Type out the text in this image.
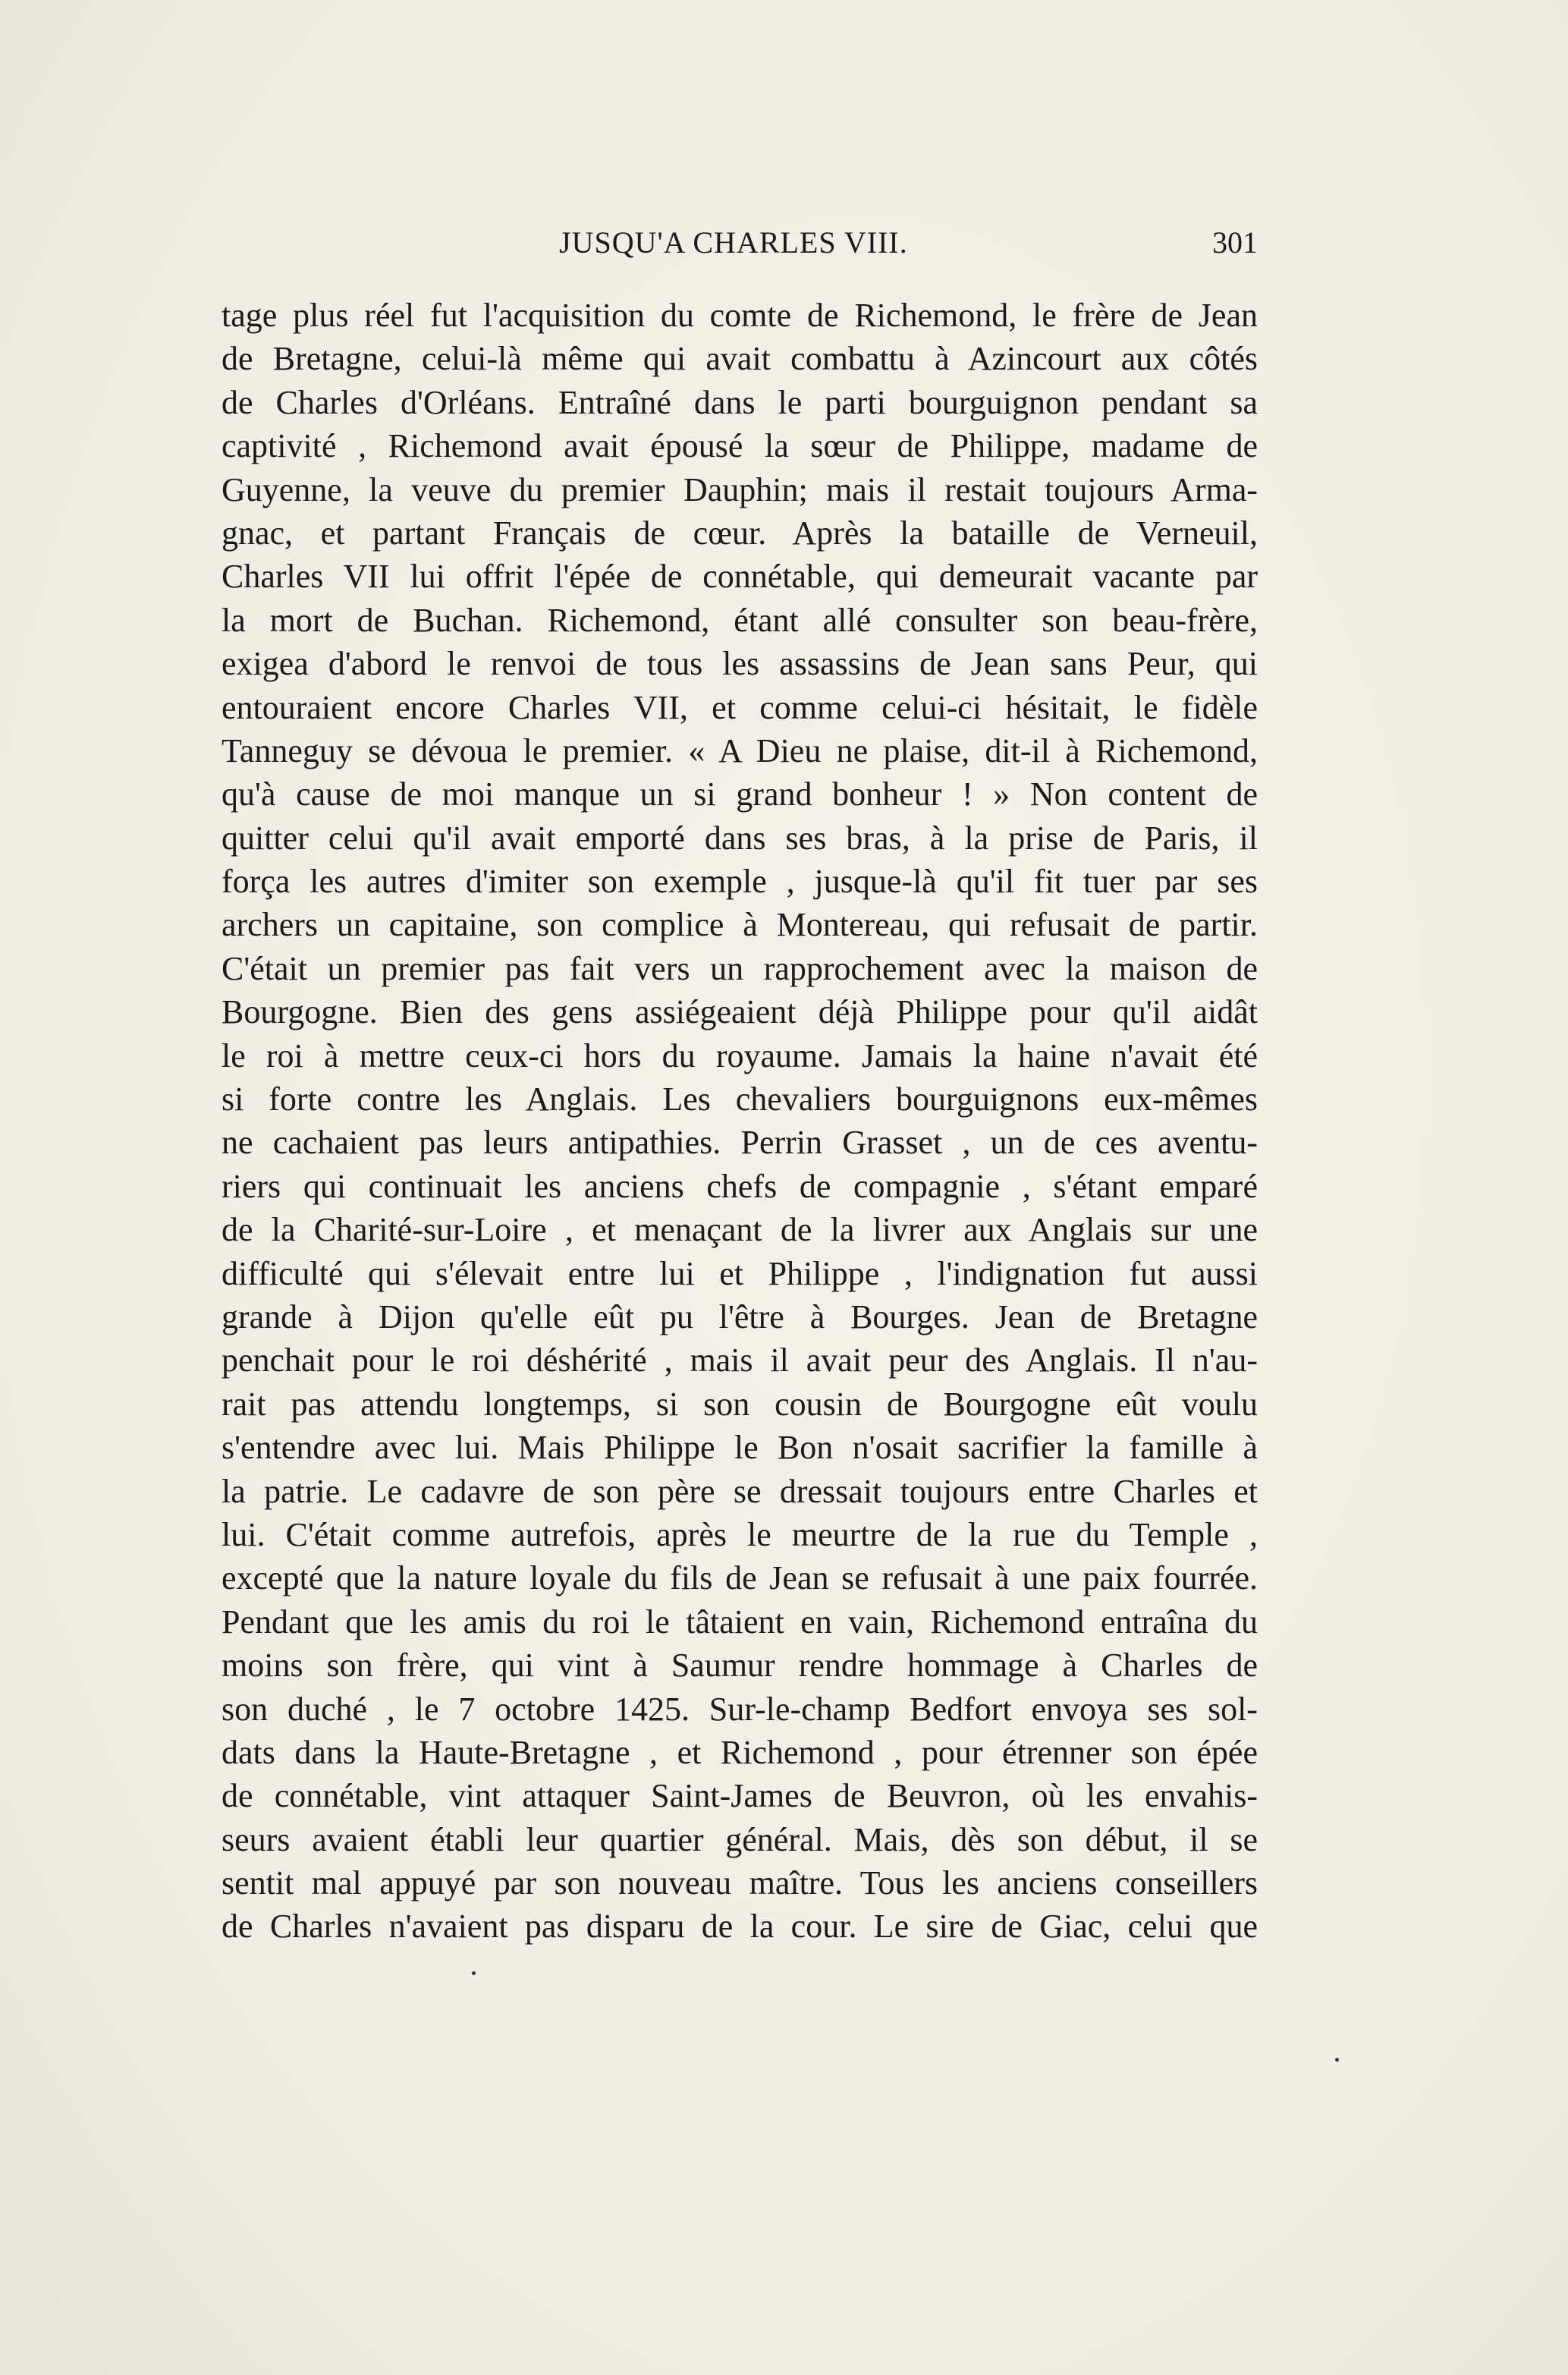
JUSQU'A CHARLES VIII.	301
tage plus réel fut l'acquisition du comte de Richemond, le frère de Jean
de Bretagne, celui-là même qui avait combattu à Azincourt aux côtés
de Charles d'Orléans. Entraîné dans le parti bourguignon pendant sa
captivité , Richemond avait épousé la sœur de Philippe, madame de
Guyenne, la veuve du premier Dauphin; mais il restait toujours Arma-
gnac, et partant Français de cœur. Après la bataille de Verneuil,
Charles VII lui offrit l'épée de connétable, qui demeurait vacante par
la mort de Buchan. Richemond, étant allé consulter son beau-frère,
exigea d'abord le renvoi de tous les assassins de Jean sans Peur, qui
entouraient encore Charles VII, et comme celui-ci hésitait, le fidèle
Tanneguy se dévoua le premier. « A Dieu ne plaise, dit-il à Richemond,
qu'à cause de moi manque un si grand bonheur ! » Non content de
quitter celui qu'il avait emporté dans ses bras, à la prise de Paris, il
força les autres d'imiter son exemple , jusque-là qu'il fit tuer par ses
archers un capitaine, son complice à Montereau, qui refusait de partir.
C'était un premier pas fait vers un rapprochement avec la maison de
Bourgogne. Bien des gens assiégeaient déjà Philippe pour qu'il aidât
le roi à mettre ceux-ci hors du royaume. Jamais la haine n'avait été
si forte contre les Anglais. Les chevaliers bourguignons eux-mêmes
ne cachaient pas leurs antipathies. Perrin Grasset , un de ces aventu-
riers qui continuait les anciens chefs de compagnie , s'étant emparé
de la Charité-sur-Loire , et menaçant de la livrer aux Anglais sur une
difficulté qui s'élevait entre lui et Philippe , l'indignation fut aussi
grande à Dijon qu'elle eût pu l'être à Bourges. Jean de Bretagne
penchait pour le roi déshérité , mais il avait peur des Anglais. Il n'au-
rait pas attendu longtemps, si son cousin de Bourgogne eût voulu
s'entendre avec lui. Mais Philippe le Bon n'osait sacrifier la famille à
la patrie. Le cadavre de son père se dressait toujours entre Charles et
lui. C'était comme autrefois, après le meurtre de la rue du Temple ,
excepté que la nature loyale du fils de Jean se refusait à une paix fourrée.
Pendant que les amis du roi le tâtaient en vain, Richemond entraîna du
moins son frère, qui vint à Saumur rendre hommage à Charles de
son duché , le 7 octobre 1425. Sur-le-champ Bedfort envoya ses sol-
dats dans la Haute-Bretagne , et Richemond , pour étrenner son épée
de connétable, vint attaquer Saint-James de Beuvron, où les envahis-
seurs avaient établi leur quartier général. Mais, dès son début, il se
sentit mal appuyé par son nouveau maître. Tous les anciens conseillers
de Charles n'avaient pas disparu de la cour. Le sire de Giac, celui que
